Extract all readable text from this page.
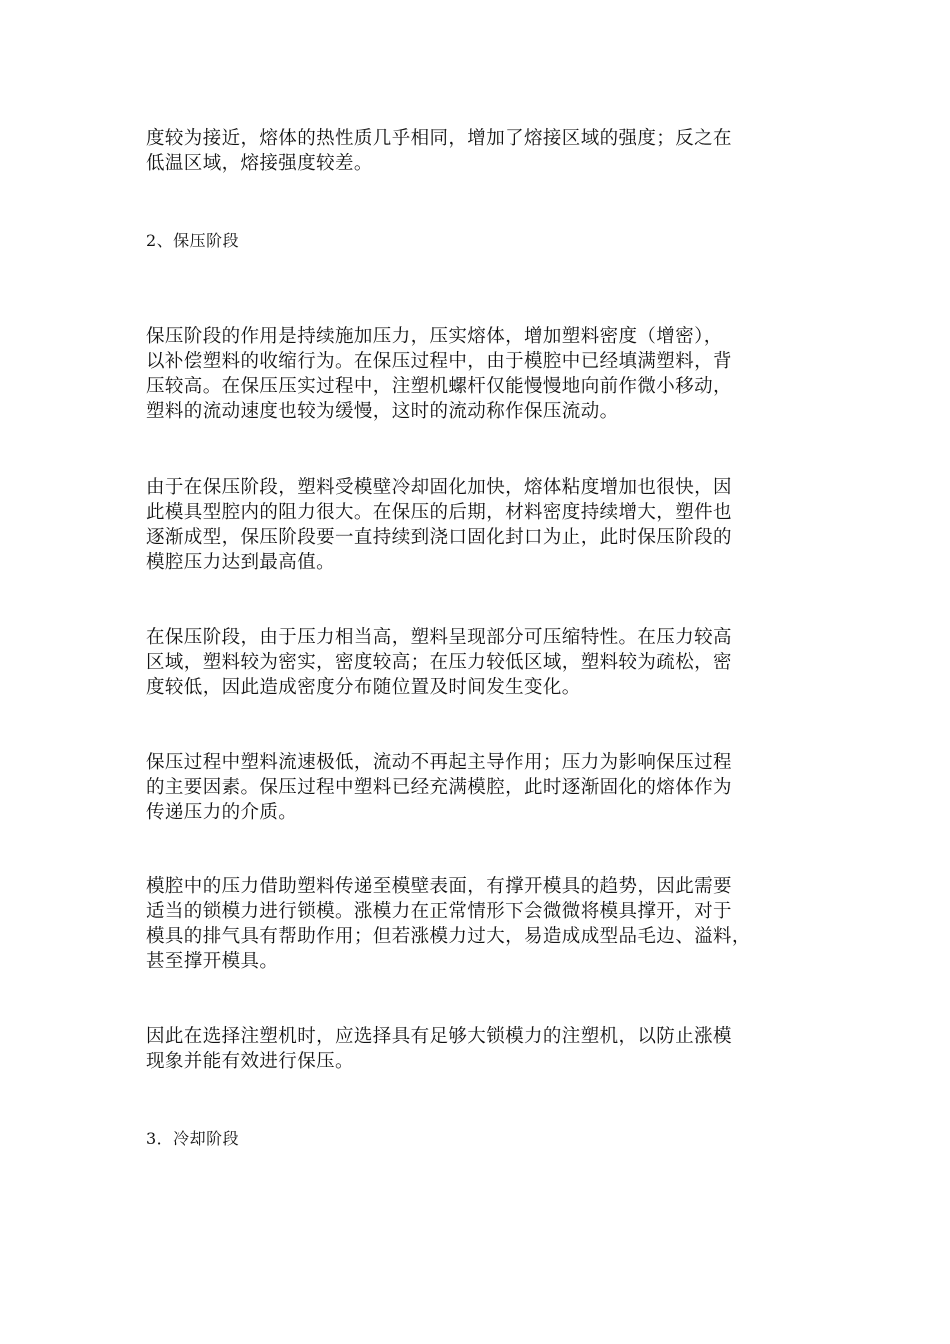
度较为接近，熔体的热性质几乎相同，增加了熔接区域的强度；反之在
低温区域，熔接强度较差。

2、保压阶段

保压阶段的作用是持续施加压力，压实熔体，增加塑料密度（增密），
以补偿塑料的收缩行为。在保压过程中，由于模腔中已经填满塑料，背
压较高。在保压压实过程中，注塑机螺杆仅能慢慢地向前作微小移动，
塑料的流动速度也较为缓慢，这时的流动称作保压流动。

由于在保压阶段，塑料受模壁冷却固化加快，熔体粘度增加也很快，因
此模具型腔内的阻力很大。在保压的后期，材料密度持续增大，塑件也
逐渐成型，保压阶段要一直持续到浇口固化封口为止，此时保压阶段的
模腔压力达到最高值。

在保压阶段，由于压力相当高，塑料呈现部分可压缩特性。在压力较高
区域，塑料较为密实，密度较高；在压力较低区域，塑料较为疏松，密
度较低，因此造成密度分布随位置及时间发生变化。

保压过程中塑料流速极低，流动不再起主导作用；压力为影响保压过程
的主要因素。保压过程中塑料已经充满模腔，此时逐渐固化的熔体作为
传递压力的介质。

模腔中的压力借助塑料传递至模壁表面，有撑开模具的趋势，因此需要
适当的锁模力进行锁模。涨模力在正常情形下会微微将模具撑开，对于
模具的排气具有帮助作用；但若涨模力过大，易造成成型品毛边、溢料，
甚至撑开模具。

因此在选择注塑机时，应选择具有足够大锁模力的注塑机，以防止涨模
现象并能有效进行保压。

3．冷却阶段
